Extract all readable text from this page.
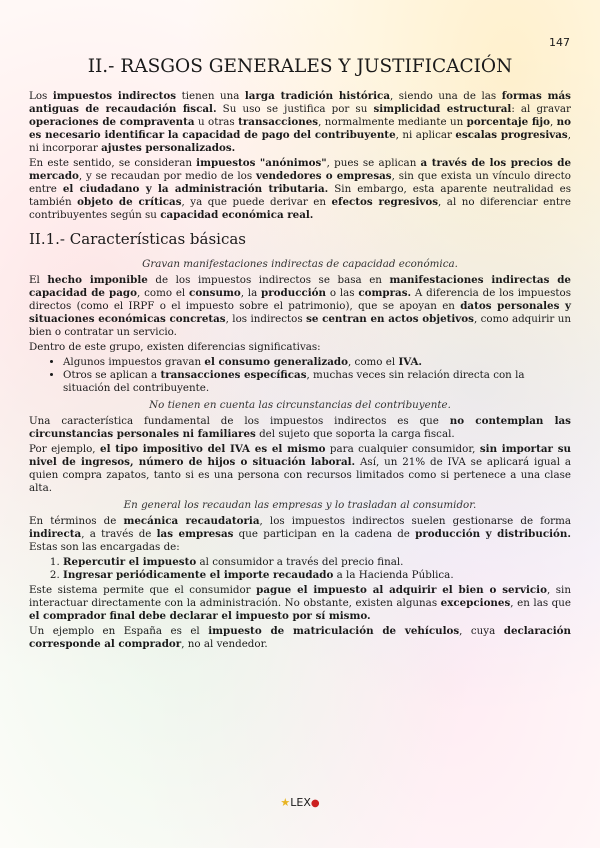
147
II.- RASGOS GENERALES Y JUSTIFICACIÓN

Los impuestos indirectos tienen una larga tradición histórica, siendo una de las formas más antiguas de recaudación fiscal. Su uso se justifica por su simplicidad estructural: al gravar operaciones de compraventa u otras transacciones, normalmente mediante un porcentaje fijo, no es necesario identificar la capacidad de pago del contribuyente, ni aplicar escalas progresivas, ni incorporar ajustes personalizados.

En este sentido, se consideran impuestos "anónimos", pues se aplican a través de los precios de mercado, y se recaudan por medio de los vendedores o empresas, sin que exista un vínculo directo entre el ciudadano y la administración tributaria. Sin embargo, esta aparente neutralidad es también objeto de críticas, ya que puede derivar en efectos regresivos, al no diferenciar entre contribuyentes según su capacidad económica real.

II.1.- Características básicas

Gravan manifestaciones indirectas de capacidad económica.

El hecho imponible de los impuestos indirectos se basa en manifestaciones indirectas de capacidad de pago, como el consumo, la producción o las compras. A diferencia de los impuestos directos (como el IRPF o el impuesto sobre el patrimonio), que se apoyan en datos personales y situaciones económicas concretas, los indirectos se centran en actos objetivos, como adquirir un bien o contratar un servicio.

Dentro de este grupo, existen diferencias significativas:

• Algunos impuestos gravan el consumo generalizado, como el IVA.
• Otros se aplican a transacciones específicas, muchas veces sin relación directa con la situación del contribuyente.

No tienen en cuenta las circunstancias del contribuyente.

Una característica fundamental de los impuestos indirectos es que no contemplan las circunstancias personales ni familiares del sujeto que soporta la carga fiscal.

Por ejemplo, el tipo impositivo del IVA es el mismo para cualquier consumidor, sin importar su nivel de ingresos, número de hijos o situación laboral. Así, un 21% de IVA se aplicará igual a quien compra zapatos, tanto si es una persona con recursos limitados como si pertenece a una clase alta.

En general los recaudan las empresas y lo trasladan al consumidor.

En términos de mecánica recaudatoria, los impuestos indirectos suelen gestionarse de forma indirecta, a través de las empresas que participan en la cadena de producción y distribución. Estas son las encargadas de:

1. Repercutir el impuesto al consumidor a través del precio final.
2. Ingresar periódicamente el importe recaudado a la Hacienda Pública.

Este sistema permite que el consumidor pague el impuesto al adquirir el bien o servicio, sin interactuar directamente con la administración. No obstante, existen algunas excepciones, en las que el comprador final debe declarar el impuesto por sí mismo.

Un ejemplo en España es el impuesto de matriculación de vehículos, cuya declaración corresponde al comprador, no al vendedor.

★LEX●
